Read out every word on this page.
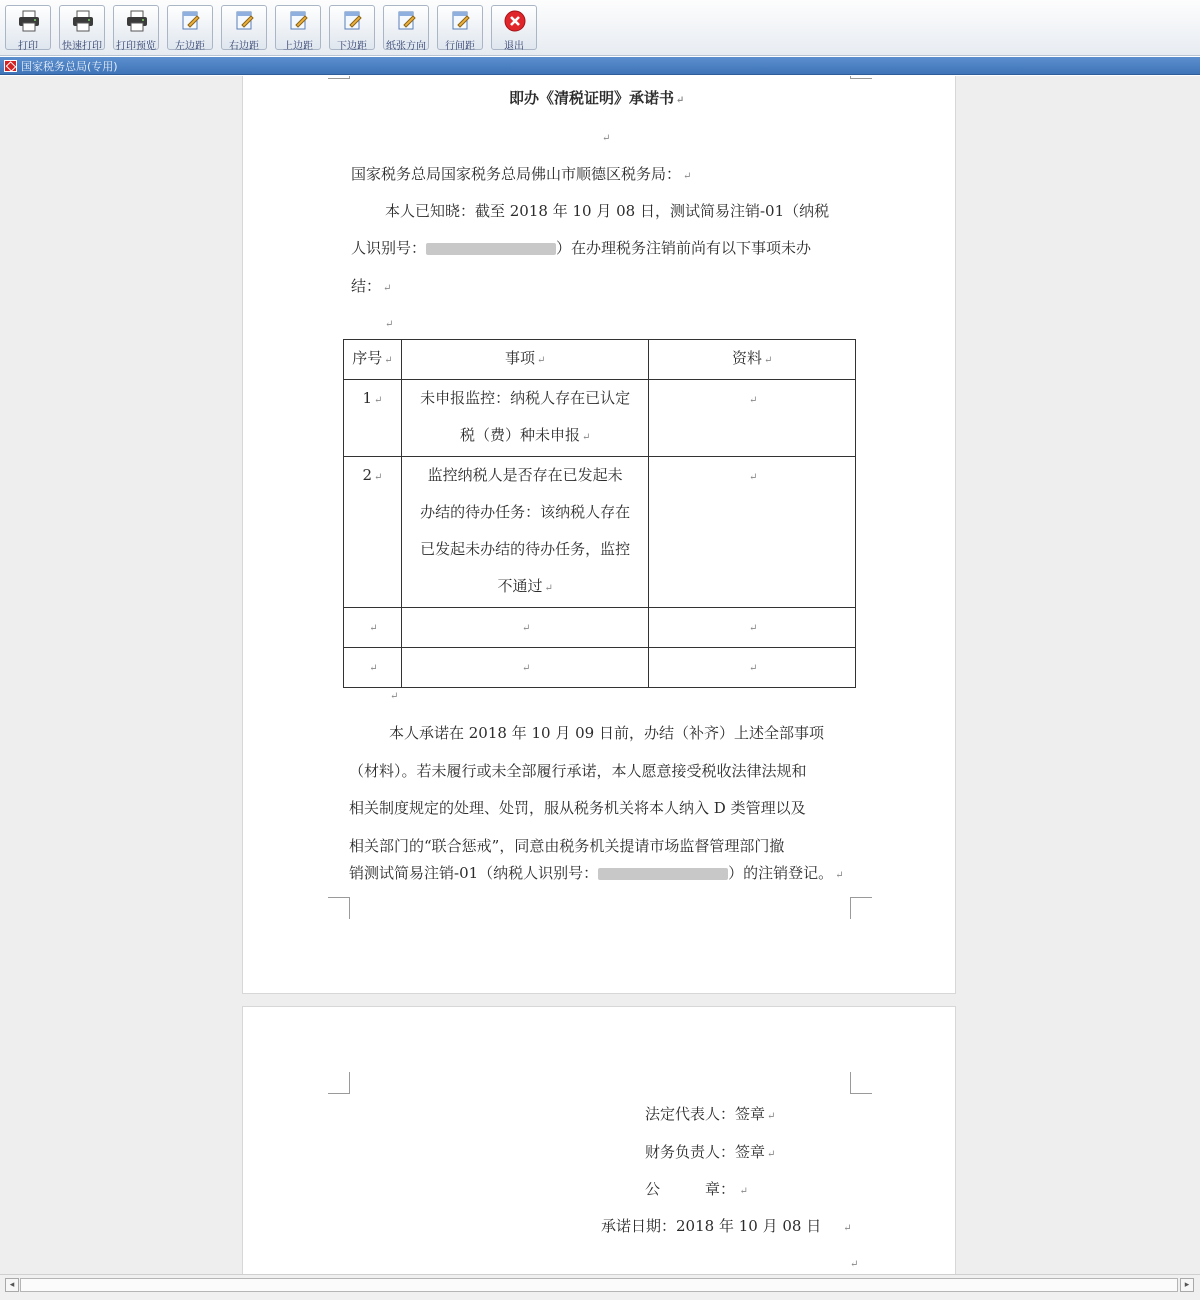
打印	快速打印	打印预览	左边距	右边距	上边距	下边距	纸张方向	行间距	退出
国家税务总局(专用)
即办《清税证明》承诺书 ↵
↵
国家税务总局国家税务总局佛山市顺德区税务局： ↵
本人已知晓：截至 2018 年 10 月 08 日，测试简易注销-01（纳税
人识别号：	）在办理税务注销前尚有以下事项未办
结： ↵
↵
序号 ↵	事项 ↵	资料 ↵
1 ↵	未申报监控：纳税人存在已认定
税（费）种未申报 ↵	↵
2 ↵	监控纳税人是否存在已发起未
办结的待办任务：该纳税人存在
已发起未办结的待办任务，监控
不通过 ↵	↵
↵	↵	↵
↵	↵	↵
↵
本人承诺在 2018 年 10 月 09 日前，办结（补齐）上述全部事项
（材料）。若未履行或未全部履行承诺，本人愿意接受税收法律法规和
相关制度规定的处理、处罚，服从税务机关将本人纳入 D 类管理以及
相关部门的“联合惩戒”，同意由税务机关提请市场监督管理部门撤
销测试简易注销-01（纳税人识别号：	）的注销登记。 ↵
法定代表人：签章 ↵
财务负责人：签章 ↵
公　　　章：　↵
承诺日期：2018 年 10 月 08 日　　↵
↵
◂	▸
